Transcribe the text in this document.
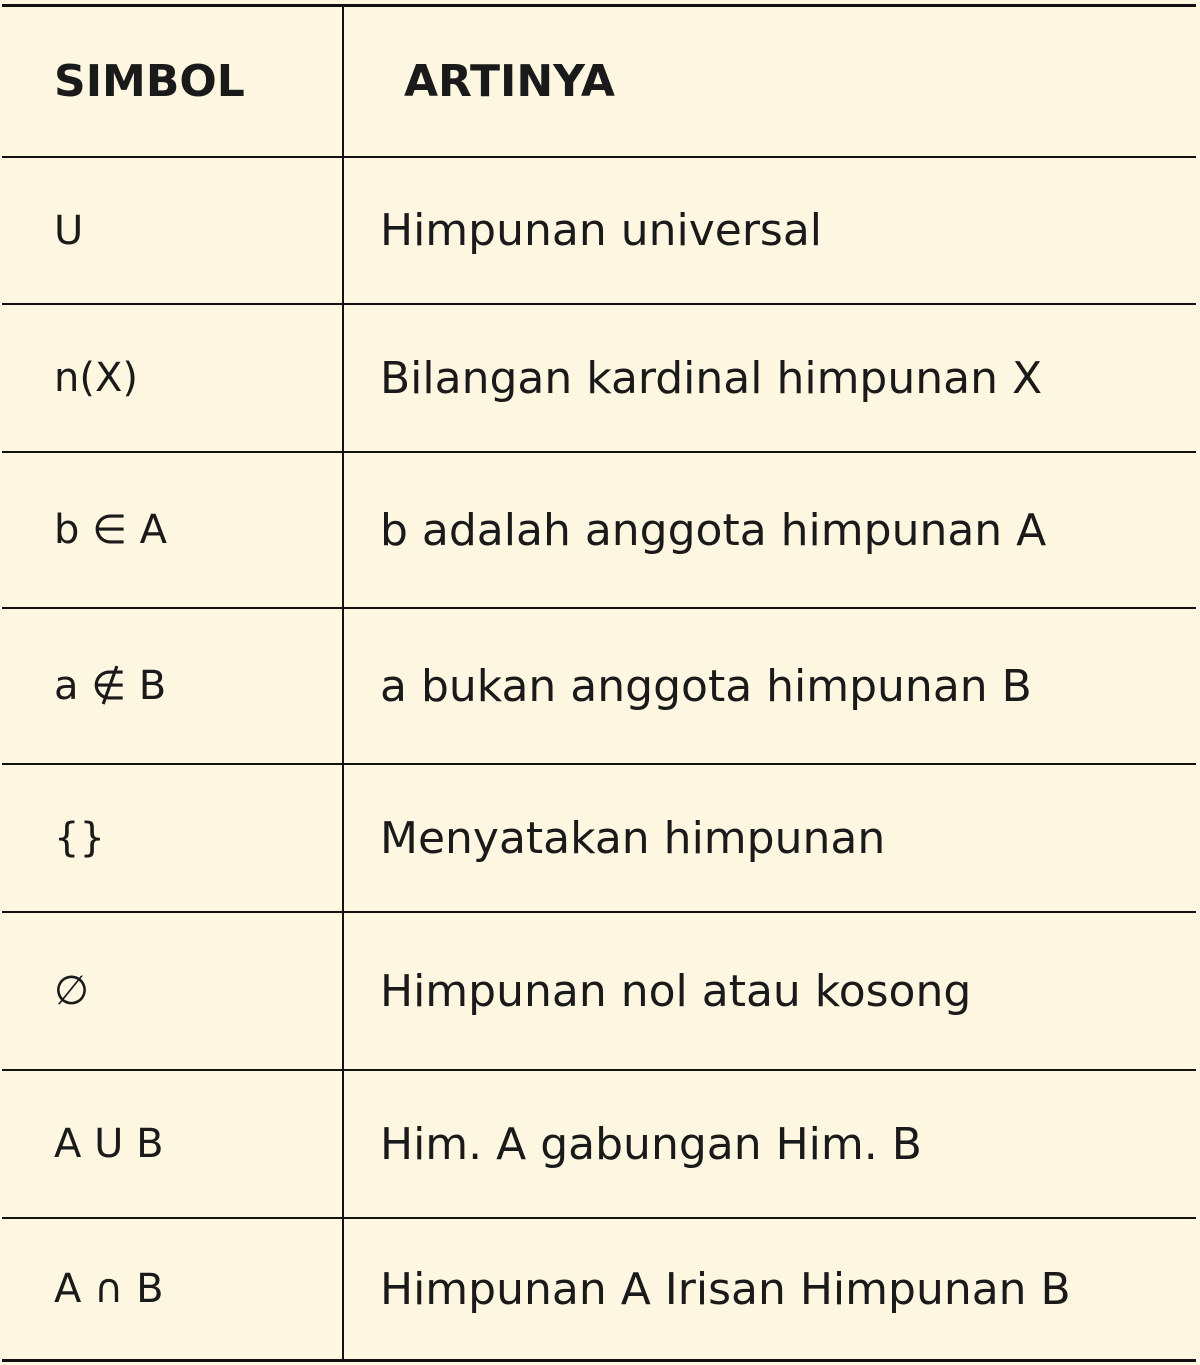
SIMBOL	ARTINYA
U	Himpunan universal
n(X)	Bilangan kardinal himpunan X
b ∈ A	b adalah anggota himpunan A
a ∉ B	a bukan anggota himpunan B
{}	Menyatakan himpunan
∅	Himpunan nol atau kosong
A U B	Him. A gabungan Him. B
A ∩ B	Himpunan A Irisan Himpunan B
